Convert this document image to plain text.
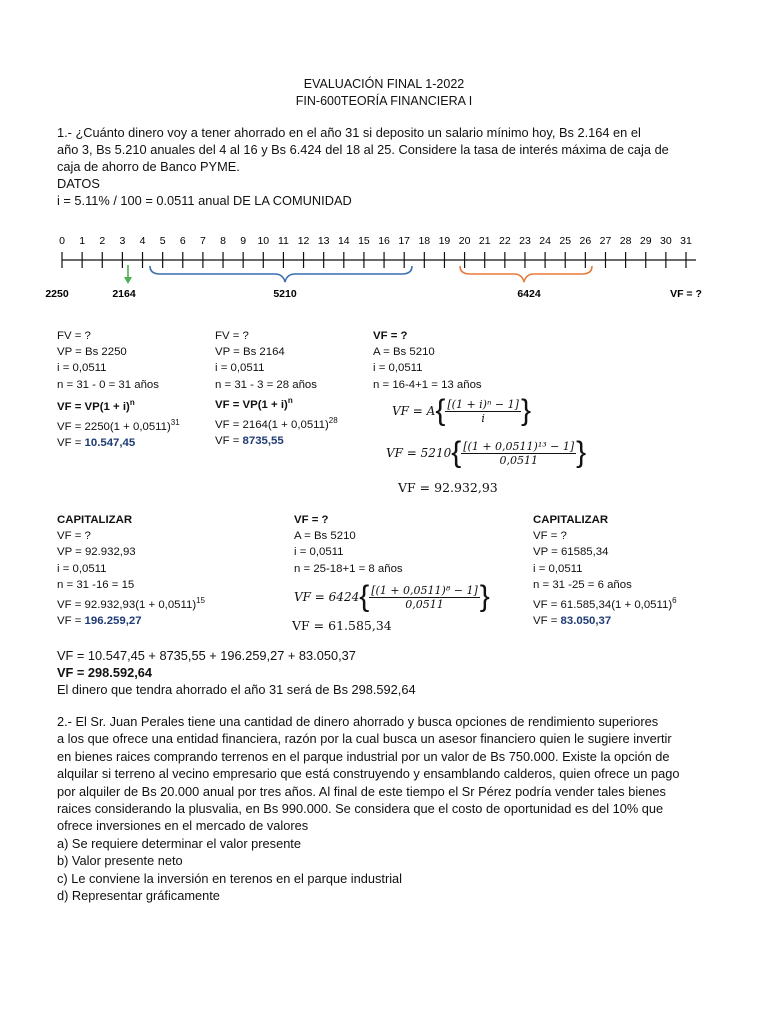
EVALUACIÓN FINAL 1-2022
FIN-600TEORÍA FINANCIERA I
1.- ¿Cuánto dinero voy a tener ahorrado en el año 31 si deposito un salario mínimo hoy, Bs 2.164 en el
año 3, Bs 5.210 anuales del 4 al 16 y Bs 6.424 del 18 al 25. Considere la tasa de interés máxima de caja de
caja de ahorro de Banco PYME.
DATOS
i = 5.11% / 100 = 0.0511 anual DE LA COMUNIDAD
0 1 2 3 4 5 6 7 8 9 10 11 12 13 14 15 16 17 18 19 20 21 22 23 24 25 26 27 28 29 30 31
2250	2164	5210	6424	VF = ?
FV = ?
VP = Bs 2250
i = 0,0511
n = 31 - 0 = 31 años
VF = $VP(1 + i)^n$
VF = $2250(1 + 0,0511)^{31}$
VF = 10.547,45
FV = ?
VP = Bs 2164
i = 0,0511
n = 31 - 3 = 28 años
VF = $VP(1 + i)^n$
VF = $2164(1 + 0,0511)^{28}$
VF = 8735,55
VF = ?
A = Bs 5210
i = 0,0511
n = 16-4+1 = 13 años
VF = $A\{ \frac{\text{[(1 + i)ⁿ − 1]}}{i}$ }
VF = $5210\{ \frac{\text{[(1 + 0,0511)¹³ − 1]}}{0,0511}$ }
VF = 92.932,93
CAPITALIZAR
VF = ?
VP = 92.932,93
i = 0,0511
n = 31 -16 = 15
VF = $92.932,93(1 + 0,0511)^{15}$
VF = 196.259,27
VF = ?
A = Bs 5210
i = 0,0511
n = 25-18+1 = 8 años
VF = $6424\{ \frac{\text{[(1 + 0,0511)⁸ − 1]}}{0,0511}$ }
VF = 61.585,34
CAPITALIZAR
VF = ?
VP = 61585,34
i = 0,0511
n = 31 -25 = 6 años
VF = $61.585,34(1 + 0,0511)^6$
VF = 83.050,37
VF = 10.547,45 + 8735,55 + 196.259,27 + 83.050,37
VF = 298.592,64
El dinero que tendra ahorrado el año 31 será de Bs 298.592,64
2.- El Sr. Juan Perales tiene una cantidad de dinero ahorrado y busca opciones de rendimiento superiores
a los que ofrece una entidad financiera, razón por la cual busca un asesor financiero quien le sugiere invertir
en bienes raices comprando terrenos en el parque industrial por un valor de Bs 750.000. Existe la opción de
alquilar si terreno al vecino empresario que está construyendo y ensamblando calderos, quien ofrece un pago
por alquiler de Bs 20.000 anual por tres años. Al final de este tiempo el Sr Pérez podría vender tales bienes
raices considerando la plusvalia, en Bs 990.000. Se considera que el costo de oportunidad es del 10% que
ofrece inversiones en el mercado de valores
a) Se requiere determinar el valor presente
b) Valor presente neto
c) Le conviene la inversión en terenos en el parque industrial
d) Representar gráficamente
